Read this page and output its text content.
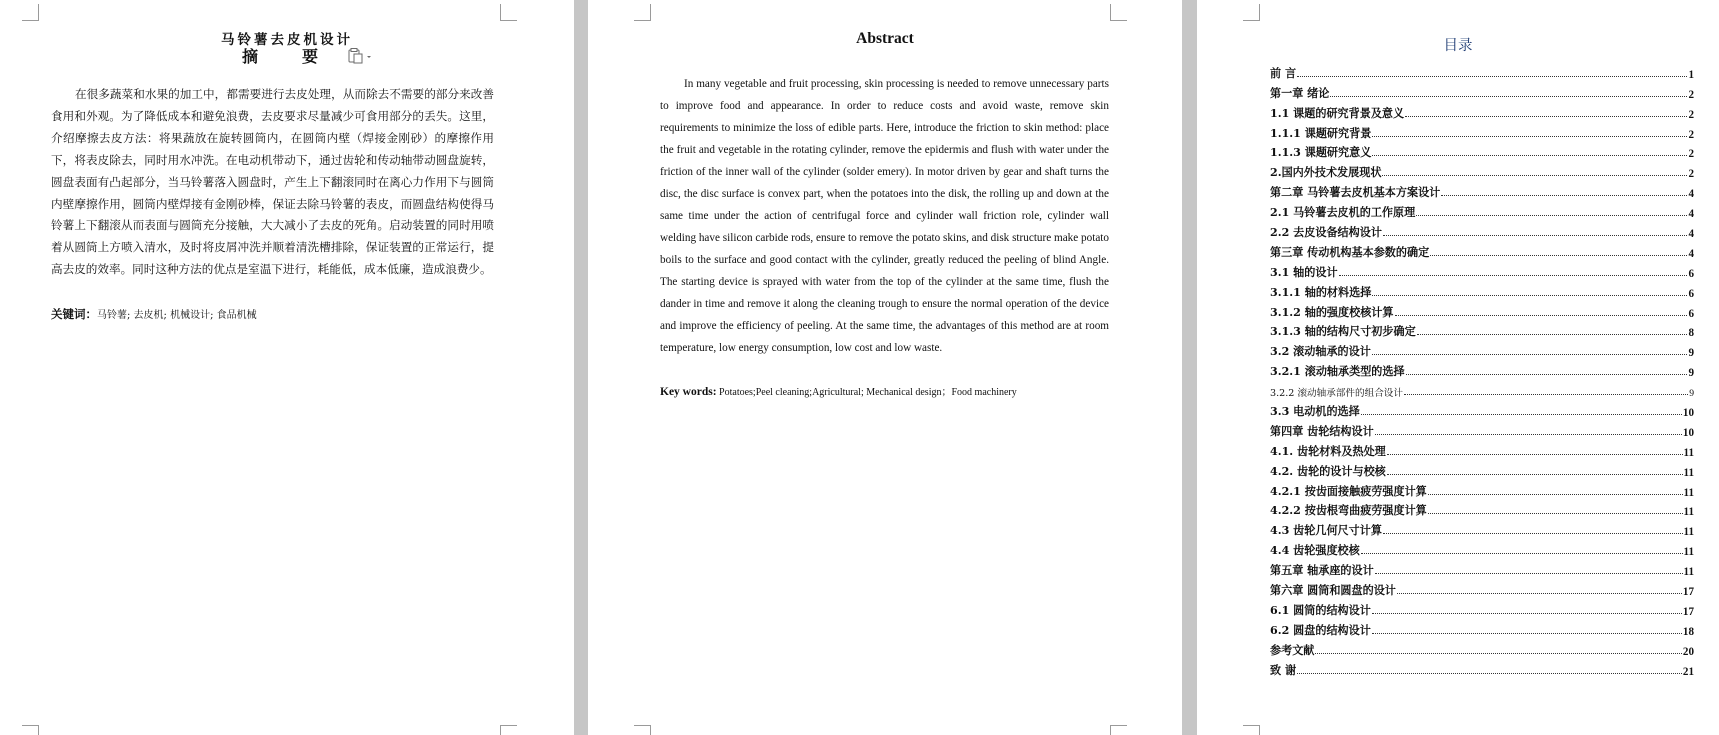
马铃薯去皮机设计
摘　要

在很多蔬菜和水果的加工中，都需要进行去皮处理，从而除去不需要的部分来改善食用和外观。为了降低成本和避免浪费，去皮要求尽量减少可食用部分的丢失。这里，介绍摩擦去皮方法：将果蔬放在旋转圆筒内，在圆筒内壁（焊接金刚砂）的摩擦作用下，将表皮除去，同时用水冲洗。在电动机带动下，通过齿轮和传动轴带动圆盘旋转，圆盘表面有凸起部分，当马铃薯落入圆盘时，产生上下翻滚同时在离心力作用下与圆筒内壁摩擦作用，圆筒内壁焊接有金刚砂棒，保证去除马铃薯的表皮，而圆盘结构使得马铃薯上下翻滚从而表面与圆筒充分接触，大大减小了去皮的死角。启动装置的同时用喷着从圆筒上方喷入清水，及时将皮屑冲洗并顺着清洗槽排除，保证装置的正常运行，提高去皮的效率。同时这种方法的优点是室温下进行，耗能低，成本低廉，造成浪费少。

关键词：马铃薯; 去皮机; 机械设计; 食品机械
Abstract

In many vegetable and fruit processing, skin processing is needed to remove unnecessary parts to improve food and appearance. In order to reduce costs and avoid waste, remove skin requirements to minimize the loss of edible parts. Here, introduce the friction to skin method: place the fruit and vegetable in the rotating cylinder, remove the epidermis and flush with water under the friction of the inner wall of the cylinder (solder emery). In motor driven by gear and shaft turns the disc, the disc surface is convex part, when the potatoes into the disk, the rolling up and down at the same time under the action of centrifugal force and cylinder wall friction role, cylinder wall welding have silicon carbide rods, ensure to remove the potato skins, and disk structure make potato boils to the surface and good contact with the cylinder, greatly reduced the peeling of blind Angle. The starting device is sprayed with water from the top of the cylinder at the same time, flush the dander in time and remove it along the cleaning trough to ensure the normal operation of the device and improve the efficiency of peeling. At the same time, the advantages of this method are at room temperature, low energy consumption, low cost and low waste.

Key words: Potatoes;Peel cleaning;Agricultural; Mechanical design；Food machinery
目录
前 言	1
第一章 绪论	2
1.1 课题的研究背景及意义	2
1.1.1 课题研究背景	2
1.1.3 课题研究意义	2
2.国内外技术发展现状	2
第二章 马铃薯去皮机基本方案设计	4
2.1 马铃薯去皮机的工作原理	4
2.2 去皮设备结构设计	4
第三章 传动机构基本参数的确定	4
3.1 轴的设计	6
3.1.1 轴的材料选择	6
3.1.2 轴的强度校核计算	6
3.1.3 轴的结构尺寸初步确定	8
3.2 滚动轴承的设计	9
3.2.1 滚动轴承类型的选择	9
3.2.2 滚动轴承部件的组合设计	9
3.3 电动机的选择	10
第四章 齿轮结构设计	10
4.1. 齿轮材料及热处理	11
4.2. 齿轮的设计与校核	11
4.2.1 按齿面接触疲劳强度计算	11
4.2.2 按齿根弯曲疲劳强度计算	11
4.3 齿轮几何尺寸计算	11
4.4 齿轮强度校核	11
第五章 轴承座的设计	11
第六章 圆筒和圆盘的设计	17
6.1 圆筒的结构设计	17
6.2 圆盘的结构设计	18
参考文献	20
致 谢	21
